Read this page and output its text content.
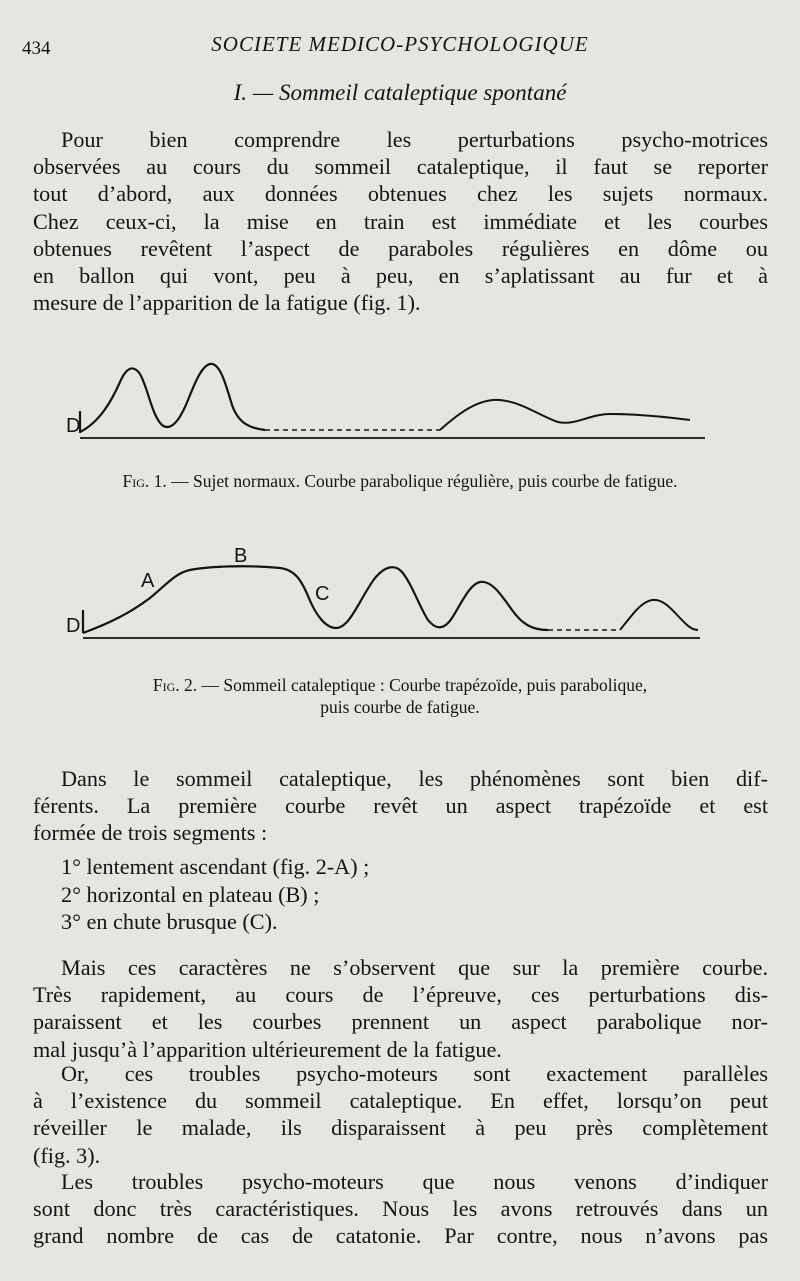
434	SOCIETE MEDICO-PSYCHOLOGIQUE
I. — Sommeil cataleptique spontané
Pour bien comprendre les perturbations psycho-motrices
observées au cours du sommeil cataleptique, il faut se reporter
tout d’abord, aux données obtenues chez les sujets normaux.
Chez ceux-ci, la mise en train est immédiate et les courbes
obtenues revêtent l’aspect de paraboles régulières en dôme ou
en ballon qui vont, peu à peu, en s’aplatissant au fur et à
mesure de l’apparition de la fatigue (fig. 1).
D
Fig. 1. — Sujet normaux. Courbe parabolique régulière, puis courbe de fatigue.
D
A
B
C
Fig. 2. — Sommeil cataleptique : Courbe trapézoïde, puis parabolique,
puis courbe de fatigue.
Dans le sommeil cataleptique, les phénomènes sont bien dif-
férents. La première courbe revêt un aspect trapézoïde et est
formée de trois segments :
1° lentement ascendant (fig. 2-A) ;
2° horizontal en plateau (B) ;
3° en chute brusque (C).
Mais ces caractères ne s’observent que sur la première courbe.
Très rapidement, au cours de l’épreuve, ces perturbations dis-
paraissent et les courbes prennent un aspect parabolique nor-
mal jusqu’à l’apparition ultérieurement de la fatigue.
Or, ces troubles psycho-moteurs sont exactement parallèles
à l’existence du sommeil cataleptique. En effet, lorsqu’on peut
réveiller le malade, ils disparaissent à peu près complètement
(fig. 3).
Les troubles psycho-moteurs que nous venons d’indiquer
sont donc très caractéristiques. Nous les avons retrouvés dans un
grand nombre de cas de catatonie. Par contre, nous n’avons pas
